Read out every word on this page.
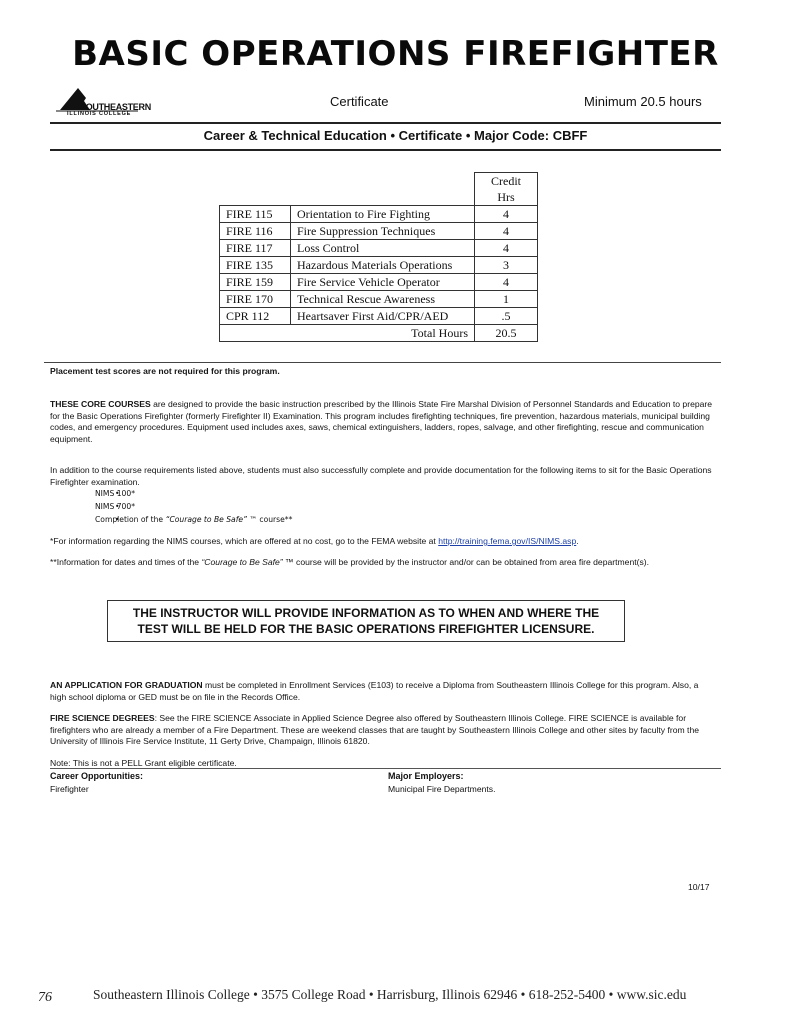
BASIC OPERATIONS FIREFIGHTER
SOUTHEASTERN
ILLINOIS COLLEGE
Certificate	Minimum 20.5 hours
Career & Technical Education • Certificate • Major Code: CBFF
		Credit Hrs
FIRE 115	Orientation to Fire Fighting	4
FIRE 116	Fire Suppression Techniques	4
FIRE 117	Loss Control	4
FIRE 135	Hazardous Materials Operations	3
FIRE 159	Fire Service Vehicle Operator	4
FIRE 170	Technical Rescue Awareness	1
CPR 112	Heartsaver First Aid/CPR/AED	.5
Total Hours		20.5
Placement test scores are not required for this program.
THESE CORE COURSES are designed to provide the basic instruction prescribed by the Illinois State Fire Marshal Division of Personnel Standards and Education to prepare for the Basic Operations Firefighter (formerly Firefighter II) Examination. This program includes firefighting techniques, fire prevention, hazardous materials, municipal building codes, and emergency procedures. Equipment used includes axes, saws, chemical extinguishers, ladders, ropes, salvage, and other firefighting, rescue and communication equipment.
In addition to the course requirements listed above, students must also successfully complete and provide documentation for the following items to sit for the Basic Operations Firefighter examination.
• NIMS 100*
• NIMS 700*
• Completion of the “Courage to Be Safe” ™ course**
*For information regarding the NIMS courses, which are offered at no cost, go to the FEMA website at http://training.fema.gov/IS/NIMS.asp.
**Information for dates and times of the “Courage to Be Safe” ™ course will be provided by the instructor and/or can be obtained from area fire department(s).
THE INSTRUCTOR WILL PROVIDE INFORMATION AS TO WHEN AND WHERE THE
TEST WILL BE HELD FOR THE BASIC OPERATIONS FIREFIGHTER LICENSURE.
AN APPLICATION FOR GRADUATION must be completed in Enrollment Services (E103) to receive a Diploma from Southeastern Illinois College for this program. Also, a high school diploma or GED must be on file in the Records Office.
FIRE SCIENCE DEGREES: See the FIRE SCIENCE Associate in Applied Science Degree also offered by Southeastern Illinois College. FIRE SCIENCE is available for firefighters who are already a member of a Fire Department. These are weekend classes that are taught by Southeastern Illinois College and other sites by faculty from the University of Illinois Fire Service Institute, 11 Gerty Drive, Champaign, Illinois 61820.
Note: This is not a PELL Grant eligible certificate.
Career Opportunities:
Firefighter
Major Employers:
Municipal Fire Departments.
10/17
76	Southeastern Illinois College • 3575 College Road • Harrisburg, Illinois 62946 • 618-252-5400 • www.sic.edu
